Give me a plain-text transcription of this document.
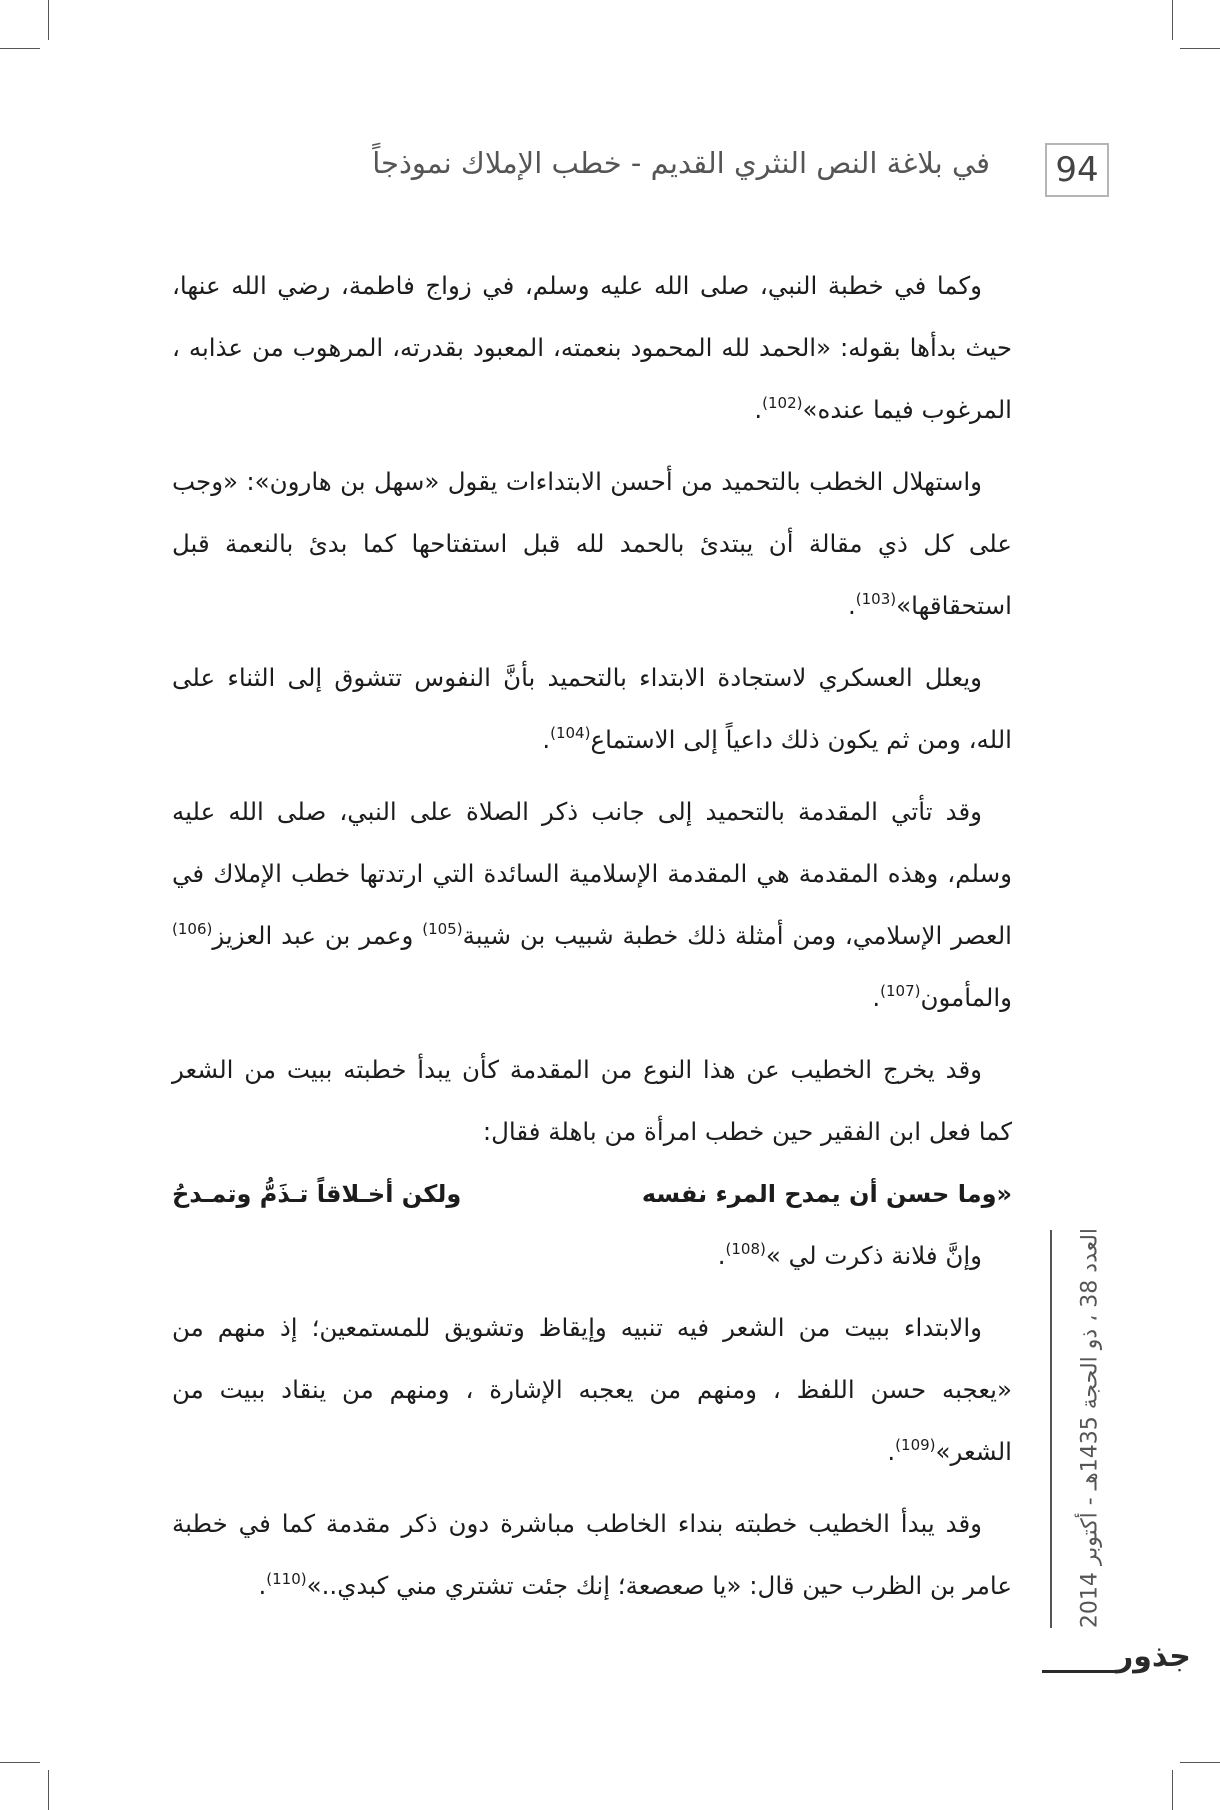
94
في بلاغة النص النثري القديم - خطب الإملاك نموذجاً
العدد 38 ، ذو الحجة 1435هـ - أكتوبر 2014
جذور

وكما في خطبة النبي، صلى الله عليه وسلم، في زواج فاطمة، رضي الله عنها، حيث بدأها بقوله: «الحمد لله المحمود بنعمته، المعبود بقدرته، المرهوب من عذابه ، المرغوب فيما عنده»$^{(102)}$.

واستهلال الخطب بالتحميد من أحسن الابتداءات يقول «سهل بن هارون»: «وجب على كل ذي مقالة أن يبتدئ بالحمد لله قبل استفتاحها كما بدئ بالنعمة قبل استحقاقها»$^{(103)}$.

ويعلل العسكري لاستجادة الابتداء بالتحميد بأنَّ النفوس تتشوق إلى الثناء على الله، ومن ثم يكون ذلك داعياً إلى الاستماع$^{(104)}$.

وقد تأتي المقدمة بالتحميد إلى جانب ذكر الصلاة على النبي، صلى الله عليه وسلم، وهذه المقدمة هي المقدمة الإسلامية السائدة التي ارتدتها خطب الإملاك في العصر الإسلامي، ومن أمثلة ذلك خطبة شبيب بن شيبة$^{(105)}$ وعمر بن عبد العزيز$^{(106)}$ والمأمون$^{(107)}$.

وقد يخرج الخطيب عن هذا النوع من المقدمة كأن يبدأ خطبته ببيت من الشعر كما فعل ابن الفقير حين خطب امرأة من باهلة فقال:

«وما حسن أن يمدح المرء نفسه
ولكن أخـلاقاً تـذَمُّ وتمـدحُ

وإنَّ فلانة ذكرت لي »$^{(108)}$.

والابتداء ببيت من الشعر فيه تنبيه وإيقاظ وتشويق للمستمعين؛ إذ منهم من «يعجبه حسن اللفظ ، ومنهم من يعجبه الإشارة ، ومنهم من ينقاد ببيت من الشعر»$^{(109)}$.

وقد يبدأ الخطيب خطبته بنداء الخاطب مباشرة دون ذكر مقدمة كما في خطبة عامر بن الظرب حين قال: «يا صعصعة؛ إنك جئت تشتري مني كبدي..»$^{(110)}$.
